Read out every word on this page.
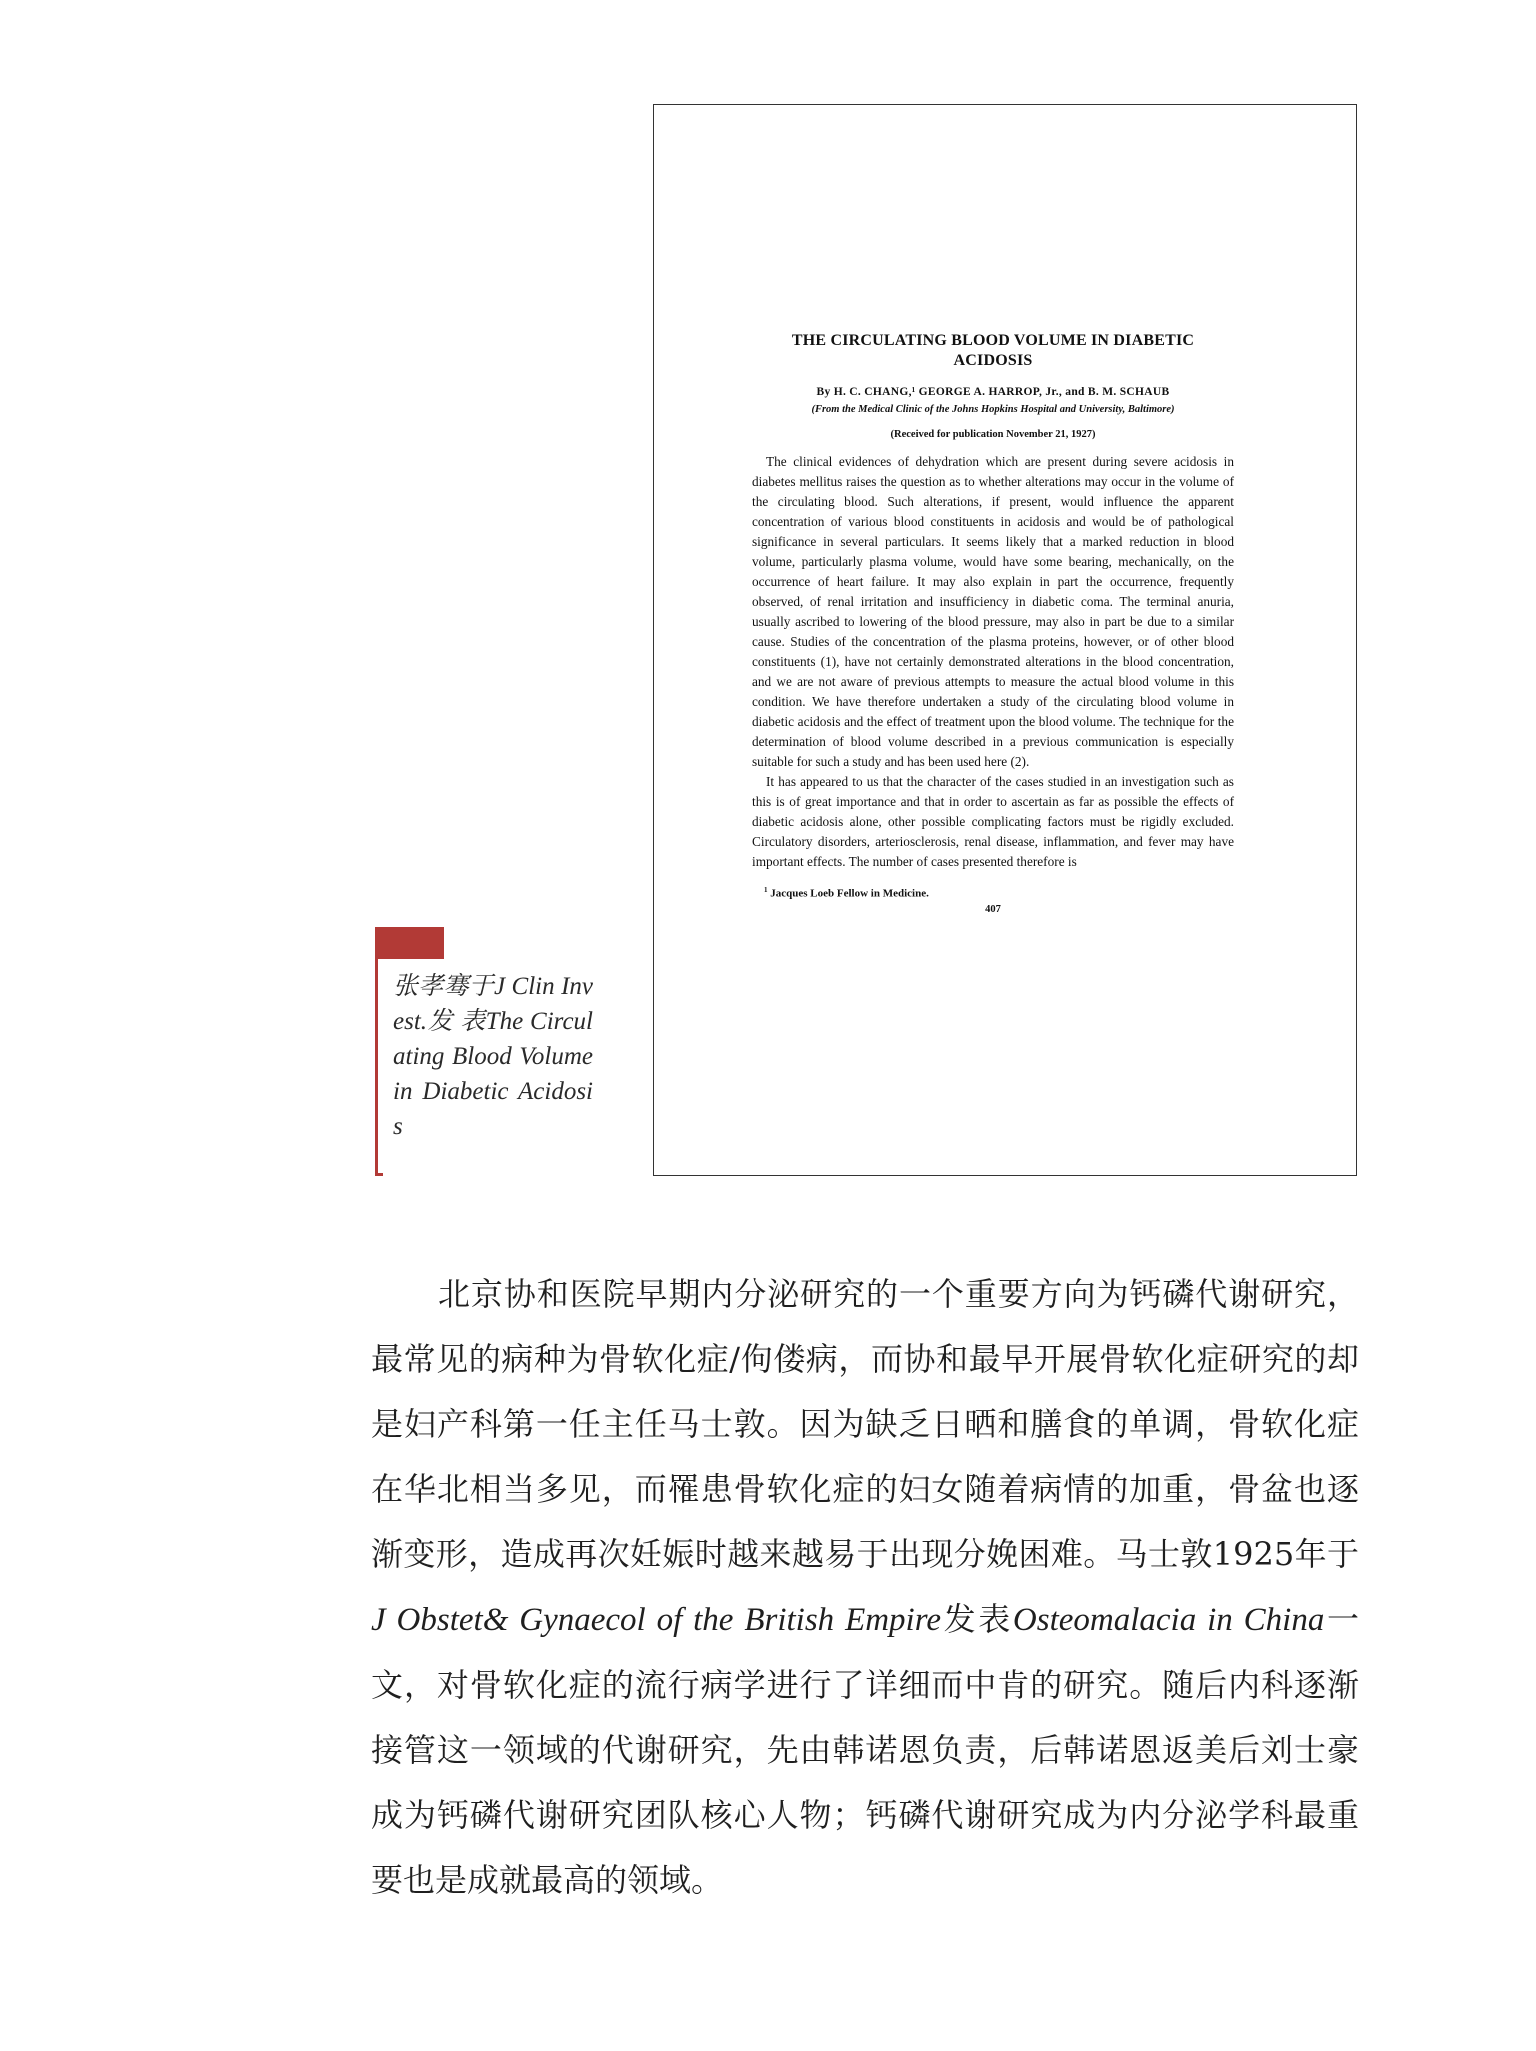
THE CIRCULATING BLOOD VOLUME IN DIABETIC
ACIDOSIS
By H. C. CHANG,¹ GEORGE A. HARROP, Jr., and B. M. SCHAUB
(From the Medical Clinic of the Johns Hopkins Hospital and University, Baltimore)
(Received for publication November 21, 1927)

The clinical evidences of dehydration which are present during severe acidosis in diabetes mellitus raises the question as to whether alterations may occur in the volume of the circulating blood. Such alterations, if present, would influence the apparent concentration of various blood constituents in acidosis and would be of pathological significance in several particulars. It seems likely that a marked reduction in blood volume, particularly plasma volume, would have some bearing, mechanically, on the occurrence of heart failure. It may also explain in part the occurrence, frequently observed, of renal irritation and insufficiency in diabetic coma. The terminal anuria, usually ascribed to lowering of the blood pressure, may also in part be due to a similar cause. Studies of the concentration of the plasma proteins, however, or of other blood constituents (1), have not certainly demonstrated alterations in the blood concentration, and we are not aware of previous attempts to measure the actual blood volume in this condition. We have therefore undertaken a study of the circulating blood volume in diabetic acidosis and the effect of treatment upon the blood volume. The technique for the determination of blood volume described in a previous communication is especially suitable for such a study and has been used here (2).

It has appeared to us that the character of the cases studied in an investigation such as this is of great importance and that in order to ascertain as far as possible the effects of diabetic acidosis alone, other possible complicating factors must be rigidly excluded. Circulatory disorders, arteriosclerosis, renal disease, inflammation, and fever may have important effects. The number of cases presented therefore is

$^1$ Jacques Loeb Fellow in Medicine.
407
张孝骞于J Clin Invest.发 表The Circulating Blood Volume in Diabetic Acidosis

北京协和医院早期内分泌研究的一个重要方向为钙磷代谢研究，最常见的病种为骨软化症/佝偻病，而协和最早开展骨软化症研究的却是妇产科第一任主任马士敦。因为缺乏日晒和膳食的单调，骨软化症在华北相当多见，而罹患骨软化症的妇女随着病情的加重，骨盆也逐渐变形，造成再次妊娠时越来越易于出现分娩困难。马士敦1925年于J Obstet& Gynaecol of the British Empire发表Osteomalacia in China一文，对骨软化症的流行病学进行了详细而中肯的研究。随后内科逐渐接管这一领域的代谢研究，先由韩诺恩负责，后韩诺恩返美后刘士豪成为钙磷代谢研究团队核心人物；钙磷代谢研究成为内分泌学科最重要也是成就最高的领域。
